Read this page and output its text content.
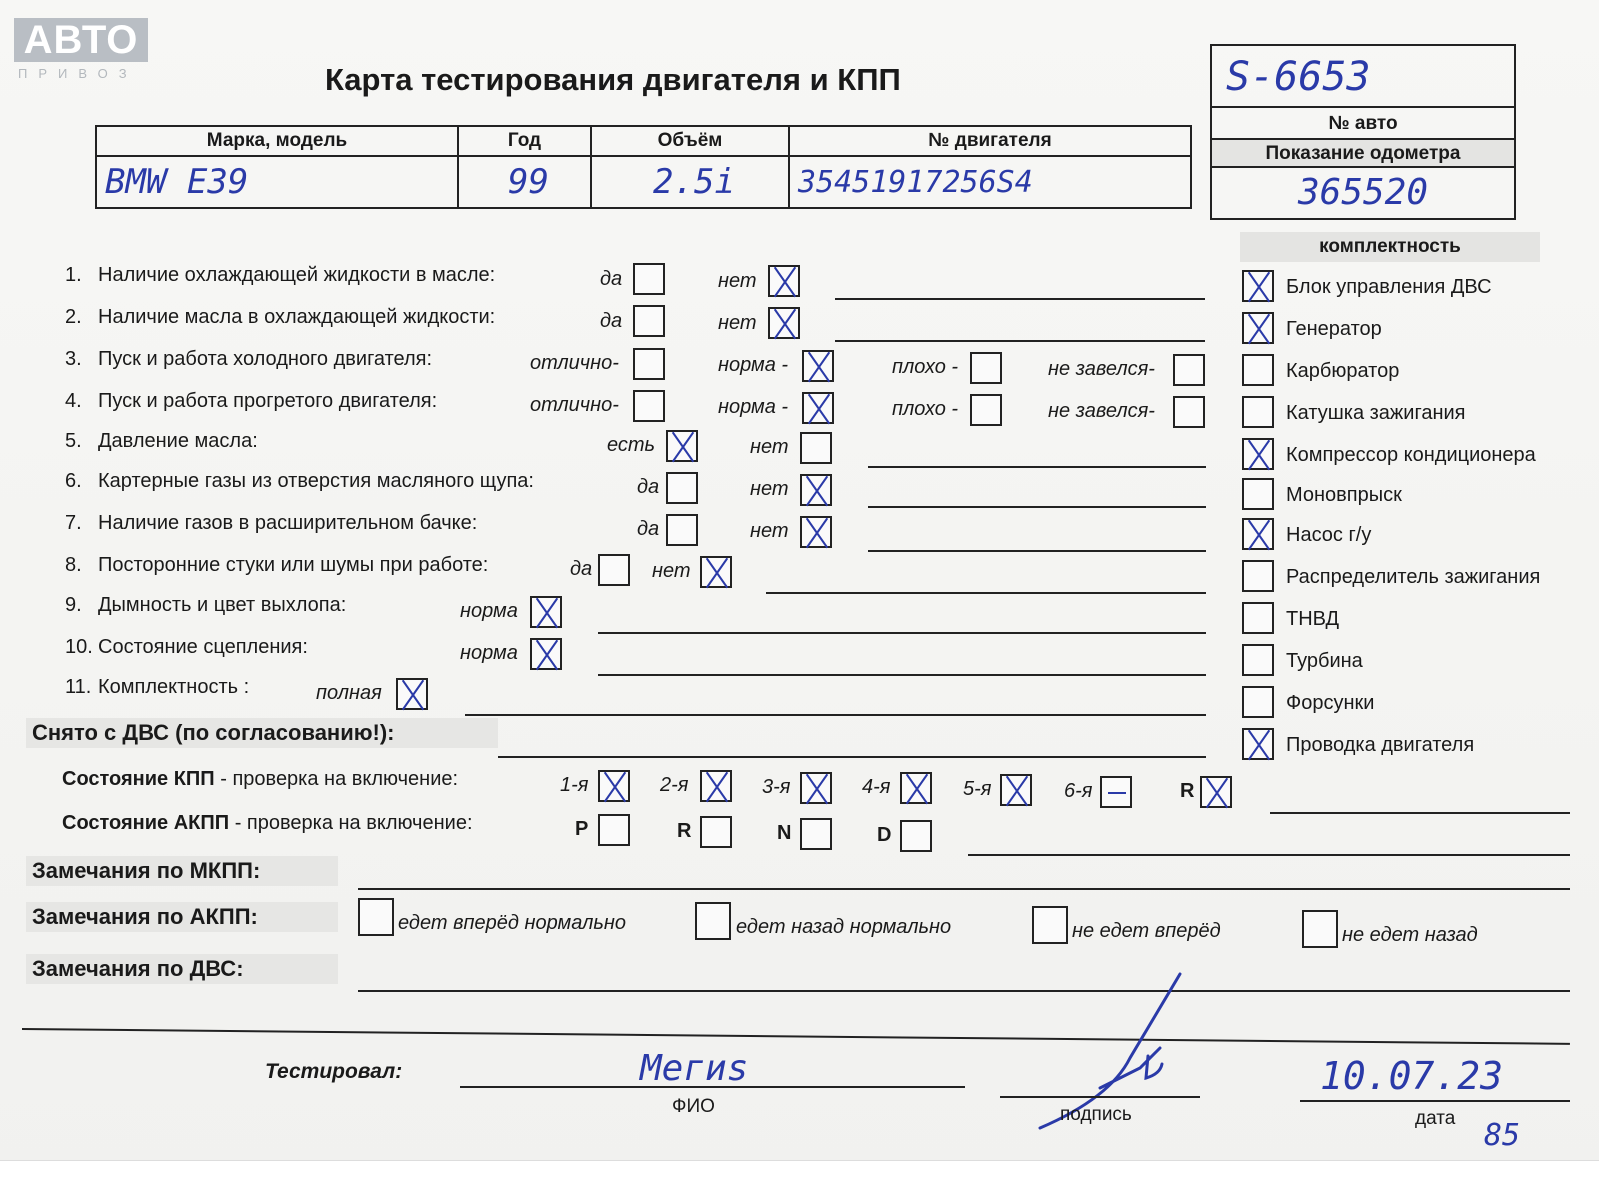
АВТО
ПРИВОЗ	Карта тестирования двигателя и КПП
Марка, модель	Год	Объём	№ двигателя
BMW E39	99	2.5i	35451917256S4
S-6653
№ авто
Показание одометра
365520
комплектность
1. Наличие охлаждающей жидкости в масле:	да	нет
2. Наличие масла в охлаждающей жидкости:	да	нет
3. Пуск и работа холодного двигателя:	отлично-	норма -	плохо -	не завелся-
4. Пуск и работа прогретого двигателя:	отлично-	норма -	плохо -	не завелся-
5. Давление масла:	есть	нет
6. Картерные газы из отверстия масляного щупа:	да	нет
7. Наличие газов в расширительном бачке:	да	нет
8. Посторонние стуки или шумы при работе:	да	нет
9. Дымность и цвет выхлопа:	норма
10. Состояние сцепления:	норма
11. Комплектность :	полная
Снято с ДВС (по согласованию!):
Блок управления ДВС
Генератор
Карбюратор
Катушка зажигания
Компрессор кондиционера
Моновпрыск
Насос г/у
Распределитель зажигания
ТНВД
Турбина
Форсунки
Проводка двигателя
Состояние КПП - проверка на включение:	1-я	2-я	3-я	4-я	5-я	6-я	R
Состояние АКПП - проверка на включение:	P	R	N	D
Замечания по МКПП:
Замечания по АКПП:	едет вперёд нормально	едет назад нормально	не едет вперёд	не едет назад
Замечания по ДВС:
Тестировал:	Мегиs
ФИО	подпись
10.07.23
дата 85
